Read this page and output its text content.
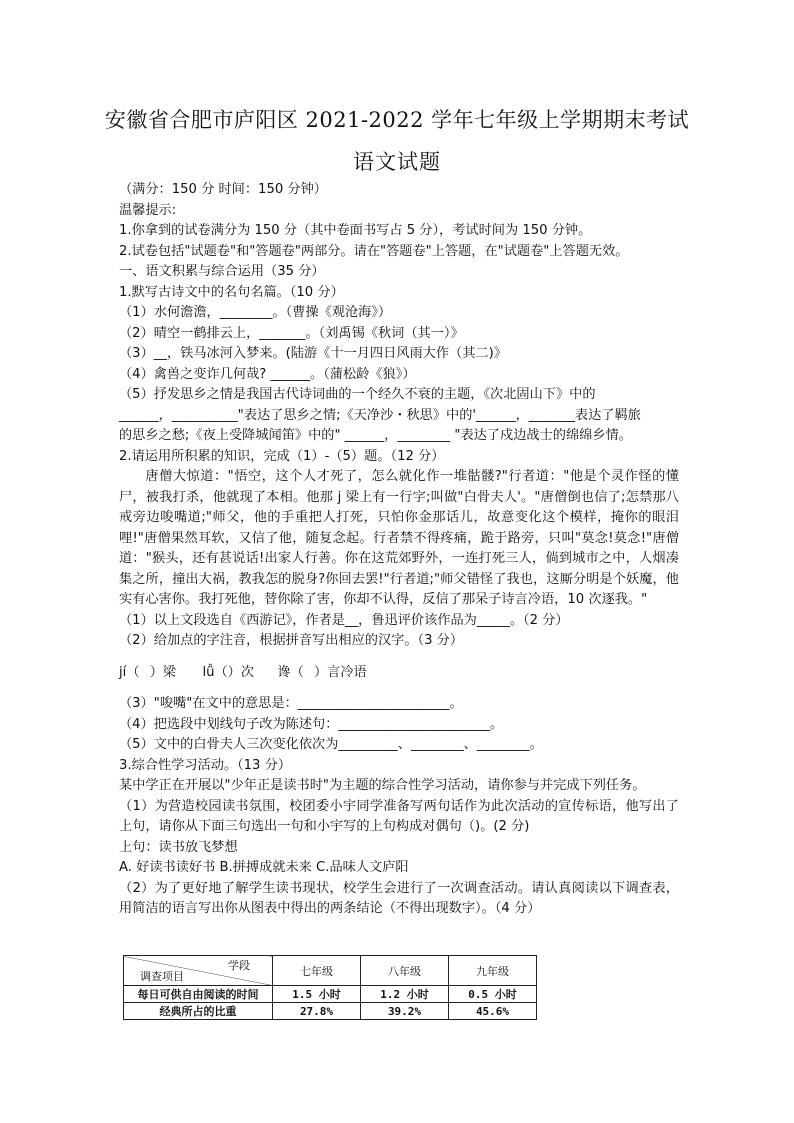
安徽省合肥市庐阳区 2021-2022 学年七年级上学期期末考试
语文试题

（满分：150 分 时间：150 分钟）

温馨提示:

1.你拿到的试卷满分为 150 分（其中卷面书写占 5 分），考试时间为 150 分钟。

2.试卷包括"试题卷"和"答题卷"两部分。请在"答题卷"上答题，在"试题卷"上答题无效。

一、语文积累与综合运用（35 分）

1.默写古诗文中的名句名篇。（10 分）

（1）水何澹澹，________。（曹操《观沧海》）

（2）晴空一鹤排云上，_______。（刘禹锡《秋词（其一）》

（3）__，铁马冰河入梦来。(陆游《十一月四日风雨大作（其二)》

（4）禽兽之变诈几何哉? ______。（蒲松龄《狼》）

（5）抒发思乡之情是我国古代诗词曲的一个经久不衰的主题，《次北固山下》中的

______，__________"表达了思乡之情;《天净沙・秋思》中的'______，_______表达了羁旅

的思乡之愁;《夜上受降城闻笛》中的" ______，________ "表达了戍边战士的绵绵乡情。

2.请运用所积累的知识，完成（1）-（5）题。（12 分）

唐僧大惊道："悟空，这个人才死了，怎么就化作一堆骷髅?"行者道："他是个灵作怪的懂尸，被我打杀，他就现了本相。他那 j 梁上有一行字;叫做"白骨夫人'。"唐僧倒也信了;怎禁那八戒旁边唆嘴道;"师父，他的手重把人打死，只怕你金那话儿，故意变化这个模样，掩你的眼泪哩!"唐僧果然耳软，又信了他，随复念起。行者禁不得疼痛，跪于路旁，只叫"莫念!莫念!"唐僧道："猴头，还有甚说话!出家人行善。你在这荒郊野外，一连打死三人，倘到城市之中，人烟凑集之所，撞出大祸，教我怎的脱身?你回去罢!"行者道;"师父错怪了我也，这厮分明是个妖魔，他实有心害你。我打死他，替你除了害，你却不认得，反信了那呆子诗言冷语，10 次逐我。"

（1）以上文段选自《西游记》，作者是__，鲁迅评价该作品为_____。（2 分）

（2）给加点的字注音，根据拼音写出相应的汉字。（3 分）

jí（ ）梁　　lǚ（）次　 谗（ ）言冷语

（3）"唆嘴"在文中的意思是：_______________________。

（4）把选段中划线句子改为陈述句：_______________________。

（5）文中的白骨夫人三次变化依次为_________、________、________。

3.综合性学习活动。（13 分）

某中学正在开展以"少年正是读书时"为主题的综合性学习活动，请你参与并完成下列任务。

（1）为营造校园读书氛围，校团委小宇同学准备写两句话作为此次活动的宣传标语，他写出了上句，请你从下面三句选出一句和小宇写的上句构成对偶句（)。(2 分)

上句：读书放飞梦想

A. 好读书读好书 B.拼搏成就未来 C.品味人文庐阳

（2）为了更好地了解学生读书现状，校学生会进行了一次调查活动。请认真阅读以下调查表，用简洁的语言写出你从图表中得出的两条结论（不得出现数字）。（4 分）

学段
调查项目	七年级	八年级	九年级
每日可供自由阅读的时间	1.5 小时	1.2 小时	0.5 小时
经典所占的比重	27.8%	39.2%	45.6%
